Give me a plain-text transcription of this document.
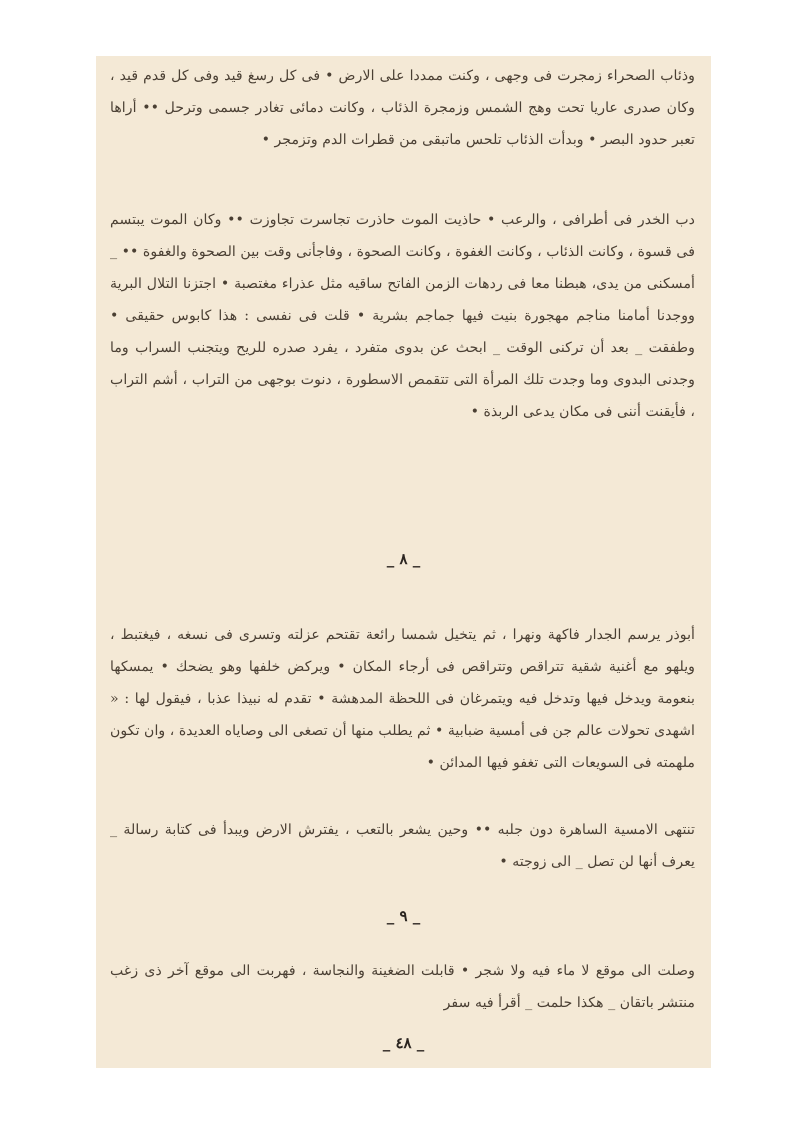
وذئاب الصحراء زمجرت فى وجهى ، وكنت ممددا على الارض • فى كل رسغ قيد وفى كل قدم قيد ، وكان صدرى عاريا تحت وهج الشمس وزمجرة الذئاب ، وكانت دمائى تغادر جسمى وترحل •• أراها تعبر حدود البصر • وبدأت الذئاب تلحس ماتبقى من قطرات الدم وتزمجر •

دب الخدر فى أطرافى ، والرعب • حاذيت الموت حاذرت تجاسرت تجاوزت •• وكان الموت يبتسم فى قسوة ، وكانت الذئاب ، وكانت الغفوة ، وكانت الصحوة ، وفاجأنى وقت بين الصحوة والغفوة •• _ أمسكنى من يدى، هبطنا معا فى ردهات الزمن الفاتح ساقيه مثل عذراء مغتصبة • اجتزنا التلال البرية ووجدنا أمامنا مناجم مهجورة بنيت فيها جماجم بشرية • قلت فى نفسى : هذا كابوس حقيقى • وطفقت _ بعد أن تركنى الوقت _ ابحث عن بدوى متفرد ، يفرد صدره للريح ويتجنب السراب وما وجدنى البدوى وما وجدت تلك المرأة التى تتقمص الاسطورة ، دنوت بوجهى من التراب ، أشم التراب ، فأيقنت أننى فى مكان يدعى الربذة •

_ ٨ _

أبوذر يرسم الجدار فاكهة ونهرا ، ثم يتخيل شمسا رائعة تقتحم عزلته وتسرى فى نسغه ، فيغتبط ، ويلهو مع أغنية شقية تتراقص وتتراقص فى أرجاء المكان • ويركض خلفها وهو يضحك • يمسكها بنعومة ويدخل فيها وتدخل فيه ويتمرغان فى اللحظة المدهشة • تقدم له نبيذا عذبا ، فيقول لها : « اشهدى تحولات عالم جن فى أمسية ضبابية • ثم يطلب منها أن تصغى الى وصاياه العديدة ، وان تكون ملهمته فى السويعات التى تغفو فيها المدائن •

تنتهى الامسية الساهرة دون جلبه •• وحين يشعر بالتعب ، يفترش الارض ويبدأ فى كتابة رسالة _ يعرف أنها لن تصل _ الى زوجته •

_ ٩ _

وصلت الى موقع لا ماء فيه ولا شجر • قابلت الضغينة والنجاسة ، فهربت الى موقع آخر ذى زغب منتشر باتقان _ هكذا حلمت _ أقرأ فيه سفر

_ ٤٨ _
